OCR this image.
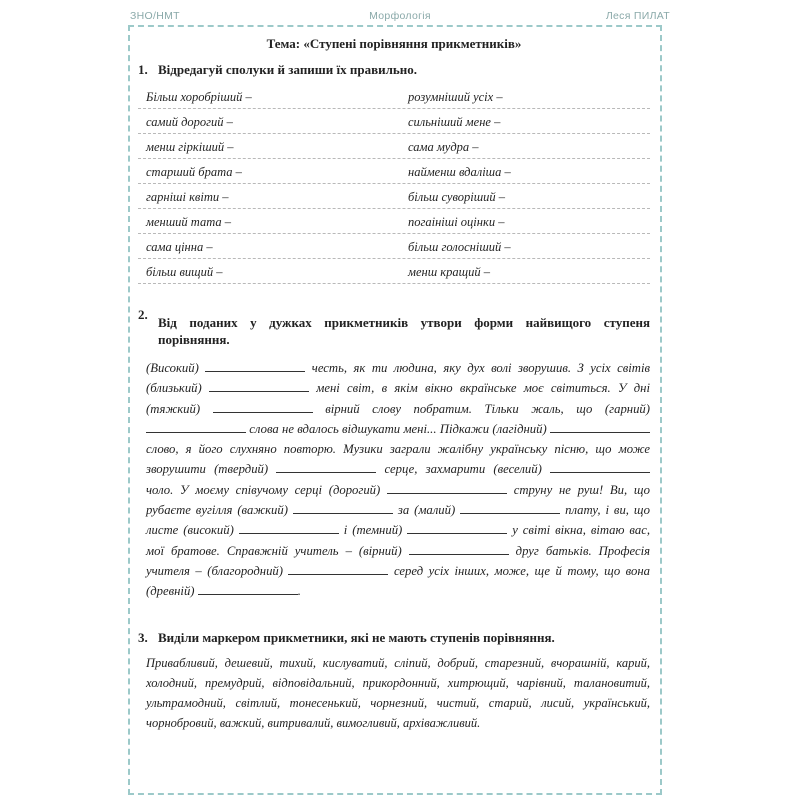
ЗНО/НМТ	Морфологія	Леся ПИЛАТ
Тема: «Ступені порівняння прикметників»
1. Відредагуй сполуки й запиши їх правильно.
Більш хоробріший –	розумніший усіх –
самий дорогий –	сильніший мене –
менш гіркіший –	сама мудра –
старший брата –	найменш вдаліша –
гарніші квіти –	більш суворіший –
менший тата –	погаініші оцінки –
сама цінна –	більш голосніший –
більш вищий –	менш кращий –
2.
Від поданих у дужках прикметників утвори форми найвищого ступеня порівняння.
(Високий)	честь, як ти людина, яку дух волі зворушив. З усіх світів (близький)	мені світ, в якім вікно вкраїнське моє світиться. У дні (тяжкий)	вірний слову побратим. Тільки жаль, що (гарний)  слова не вдалось відшукати мені... Підкажи (лагідний)  слово, я його слухняно повторю. Музики заграли жалібну українську пісню, що може зворушити (твердий)	серце, захмарити (веселий)  чоло. У моєму співучому серці (дорогий)	струну не руш! Ви, що рубаєте вугілля (важкий)	за (малий)	плату, і ви, що листе (високий)	і (темний)	у світі вікна, вітаю вас, мої братове. Справжній учитель – (вірний)	друг батьків. Професія учителя – (благородний)	серед усіх інших, може, ще й тому, що вона (древній)	.
3. Виділи маркером прикметники, які не мають ступенів порівняння.
Привабливий, дешевий, тихий, кислуватий, сліпий, добрий, старезний, вчорашній, карий, холодний, премудрий, відповідальний, прикордонний, хитрющий, чарівний, талановитий, ультрамодний, світлий, тонесенький, чорнезний, чистий, старий, лисий, український, чорнобровий, важкий, витривалий, вимогливий, архіважливий.
